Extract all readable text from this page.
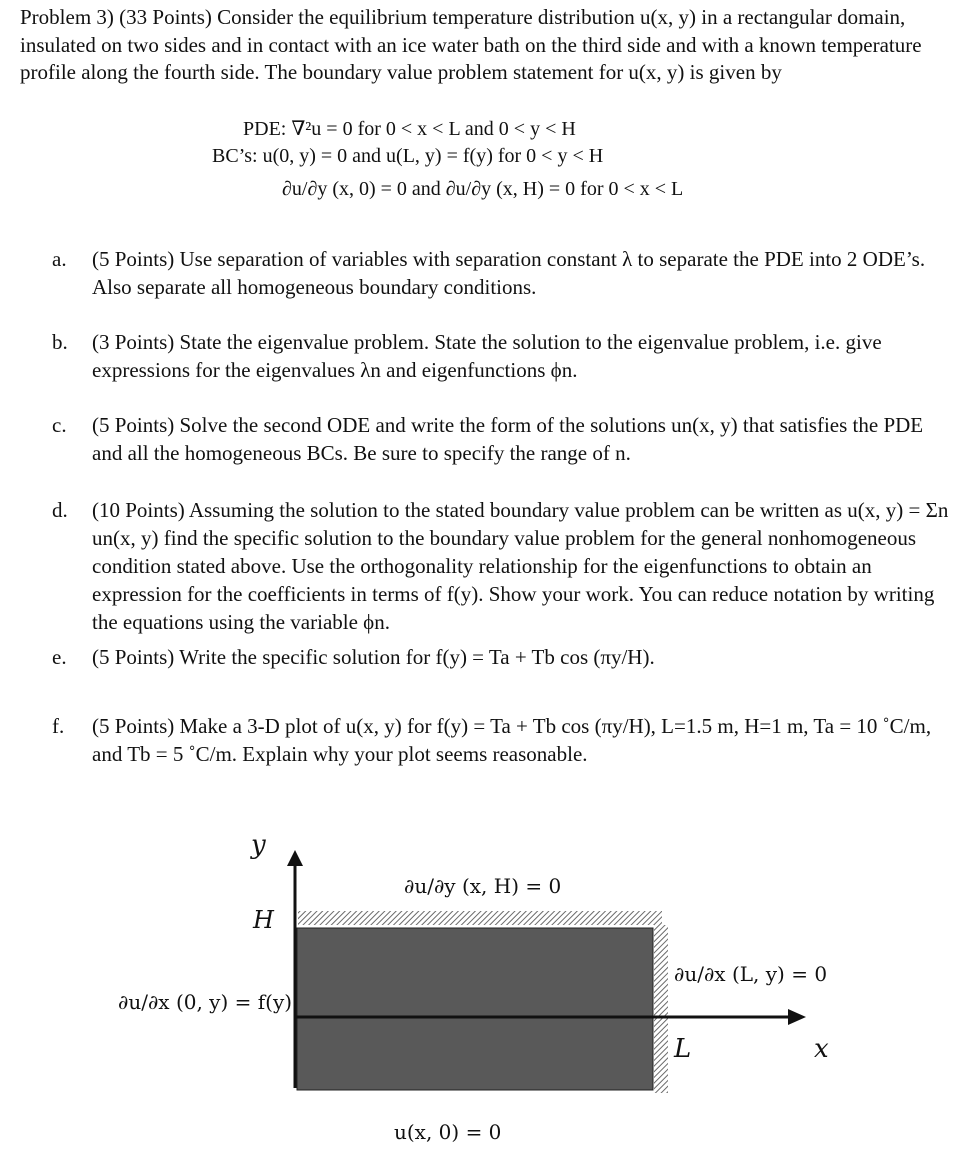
Problem 3) (33 Points) Consider the equilibrium temperature distribution u(x, y) in a rectangular domain, insulated on two sides and in contact with an ice water bath on the third side and with a known temperature profile along the fourth side. The boundary value problem statement for u(x, y) is given by
PDE: ∇²u = 0 for 0 < x < L and 0 < y < H
BC’s: u(0, y) = 0 and u(L, y) = f(y) for 0 < y < H
∂u/∂y (x, 0) = 0 and ∂u/∂y (x, H) = 0 for 0 < x < L
a.	(5 Points) Use separation of variables with separation constant λ to separate the PDE into 2 ODE’s. Also separate all homogeneous boundary conditions.
b.	(3 Points) State the eigenvalue problem. State the solution to the eigenvalue problem, i.e. give expressions for the eigenvalues λn and eigenfunctions ϕn.
c.	(5 Points) Solve the second ODE and write the form of the solutions un(x, y) that satisfies the PDE and all the homogeneous BCs. Be sure to specify the range of n.
d.	(10 Points) Assuming the solution to the stated boundary value problem can be written as u(x, y) = Σn un(x, y) find the specific solution to the boundary value problem for the general nonhomogeneous condition stated above. Use the orthogonality relationship for the eigenfunctions to obtain an expression for the coefficients in terms of f(y). Show your work. You can reduce notation by writing the equations using the variable ϕn.
e.	(5 Points) Write the specific solution for f(y) = Ta + Tb cos (πy/H).
f.	(5 Points) Make a 3-D plot of u(x, y) for f(y) = Ta + Tb cos (πy/H), L=1.5 m, H=1 m, Ta = 10 ˚C/m, and Tb = 5 ˚C/m. Explain why your plot seems reasonable.
y
H
∂u/∂y (x, H) = 0
∂u/∂x (0, y) = f(y)
∂u/∂x (L, y) = 0
L	x
u(x, 0) = 0
